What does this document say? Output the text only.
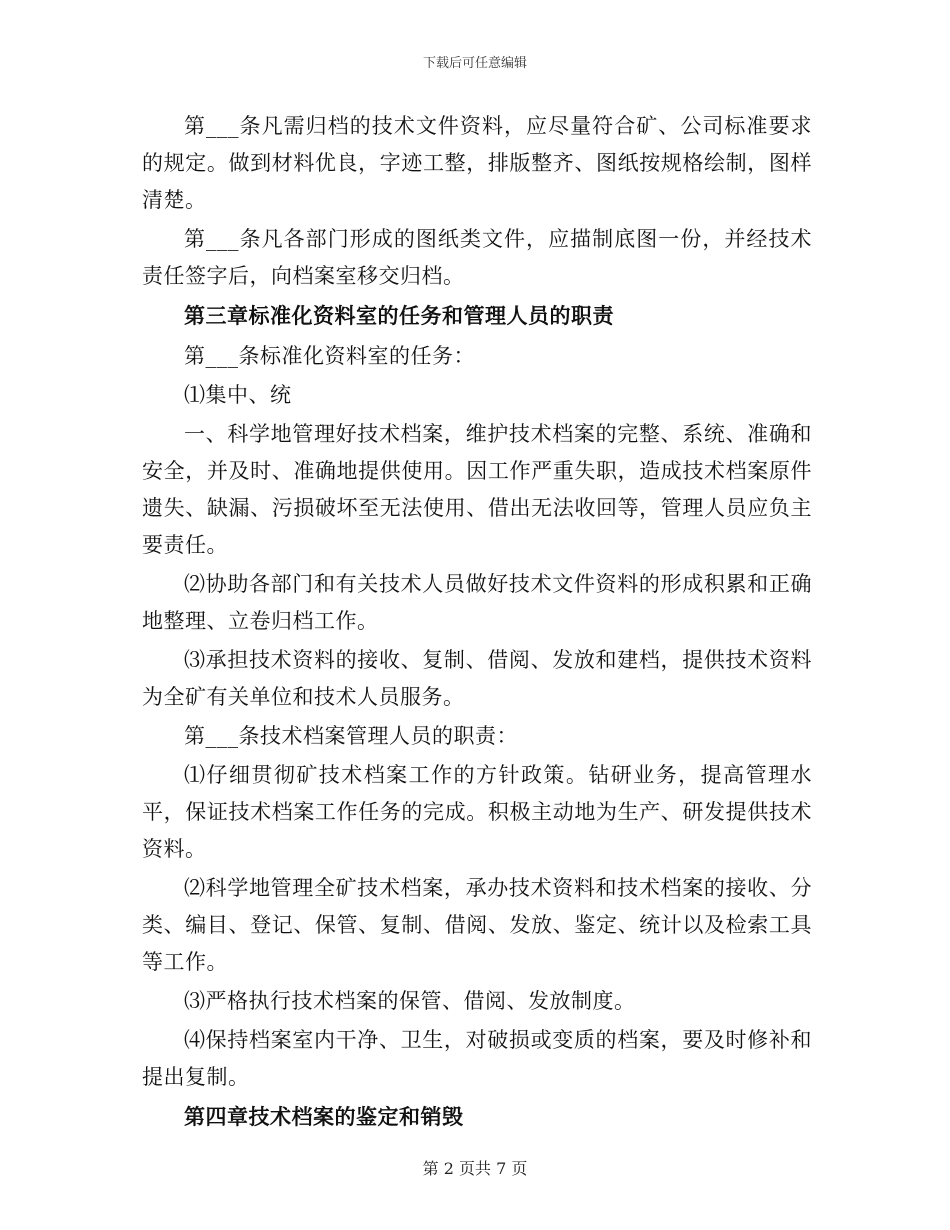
下载后可任意编辑

第___条凡需归档的技术文件资料，应尽量符合矿、公司标准要求的规定。做到材料优良，字迹工整，排版整齐、图纸按规格绘制，图样清楚。

第___条凡各部门形成的图纸类文件，应描制底图一份，并经技术责任签字后，向档案室移交归档。

第三章标准化资料室的任务和管理人员的职责

第___条标准化资料室的任务：

⑴集中、统

一、科学地管理好技术档案，维护技术档案的完整、系统、准确和安全，并及时、准确地提供使用。因工作严重失职，造成技术档案原件遗失、缺漏、污损破坏至无法使用、借出无法收回等，管理人员应负主要责任。

⑵协助各部门和有关技术人员做好技术文件资料的形成积累和正确地整理、立卷归档工作。

⑶承担技术资料的接收、复制、借阅、发放和建档，提供技术资料为全矿有关单位和技术人员服务。

第___条技术档案管理人员的职责：

⑴仔细贯彻矿技术档案工作的方针政策。钻研业务，提高管理水平，保证技术档案工作任务的完成。积极主动地为生产、研发提供技术资料。

⑵科学地管理全矿技术档案，承办技术资料和技术档案的接收、分类、编目、登记、保管、复制、借阅、发放、鉴定、统计以及检索工具等工作。

⑶严格执行技术档案的保管、借阅、发放制度。

⑷保持档案室内干净、卫生，对破损或变质的档案，要及时修补和提出复制。

第四章技术档案的鉴定和销毁

第 2 页共 7 页
